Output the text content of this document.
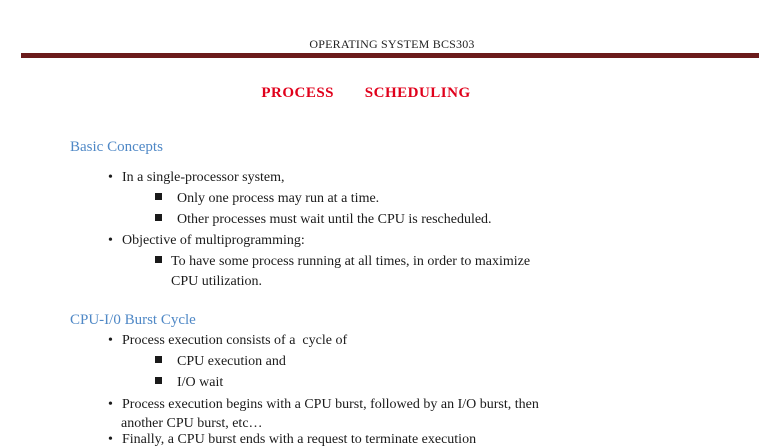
OPERATING SYSTEM BCS303
PROCESS   SCHEDULING
Basic Concepts
• In a single-processor system,
Only one process may run at a time.
Other processes must wait until the CPU is rescheduled.
• Objective of multiprogramming:
To have some process running at all times, in order to maximize
CPU utilization.
CPU-I/0 Burst Cycle
• Process execution consists of a  cycle of
CPU execution and
I/O wait
• Process execution begins with a CPU burst, followed by an I/O burst, then
another CPU burst, etc…
• Finally, a CPU burst ends with a request to terminate execution
